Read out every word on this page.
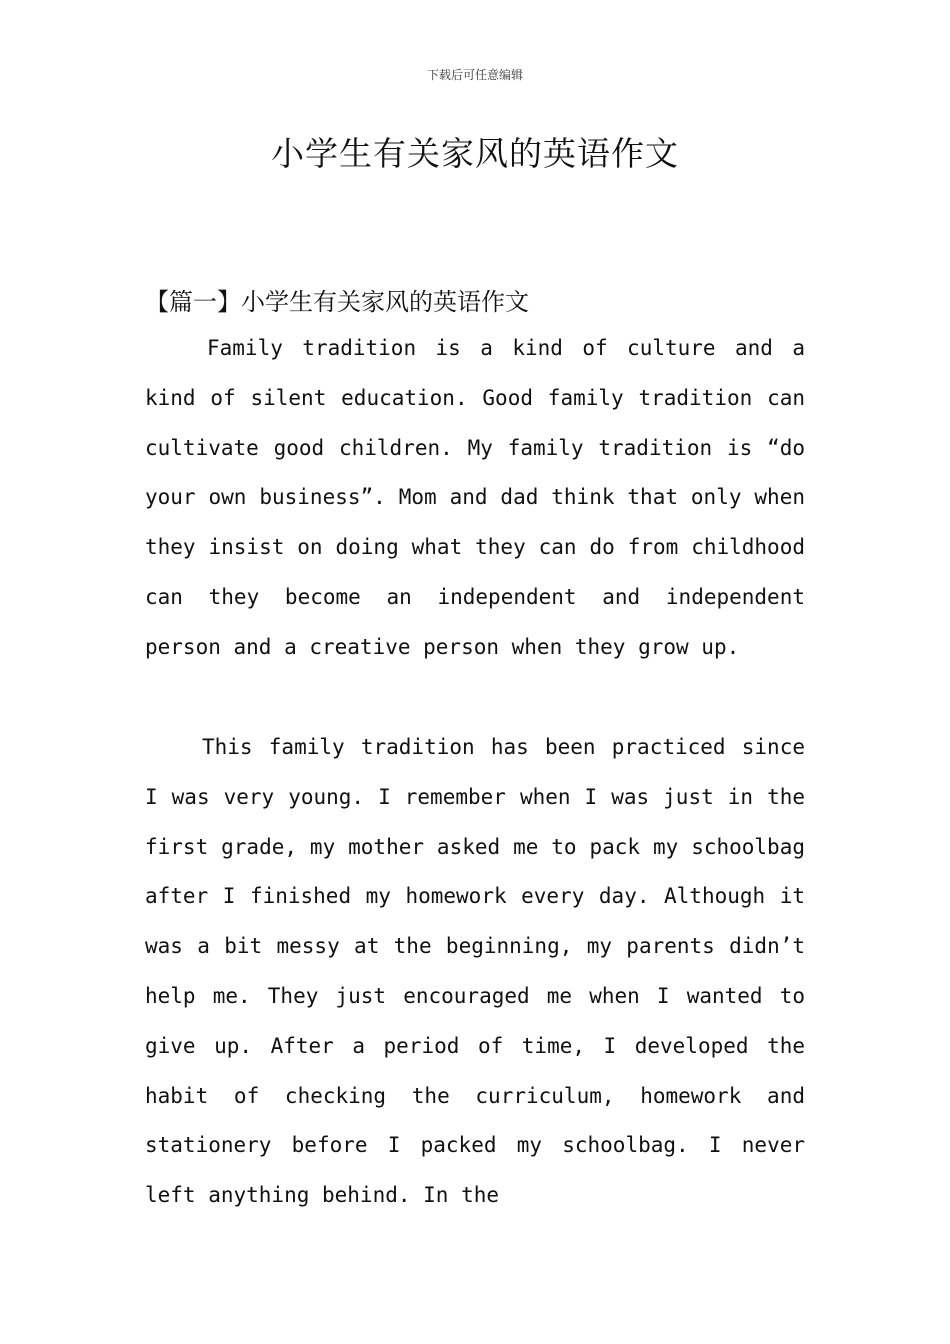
下载后可任意编辑
小学生有关家风的英语作文
【篇一】小学生有关家风的英语作文

Family tradition is a kind of culture and a kind of silent education. Good family tradition can cultivate good children. My family tradition is “do your own business”. Mom and dad think that only when they insist on doing what they can do from childhood can they become an independent and independent person and a creative person when they grow up.

This family tradition has been practiced since I was very young. I remember when I was just in the first grade, my mother asked me to pack my schoolbag after I finished my homework every day. Although it was a bit messy at the beginning, my parents didn’t help me. They just encouraged me when I wanted to give up. After a period of time, I developed the habit of checking the curriculum, homework and stationery before I packed my schoolbag. I never left anything behind. In the
